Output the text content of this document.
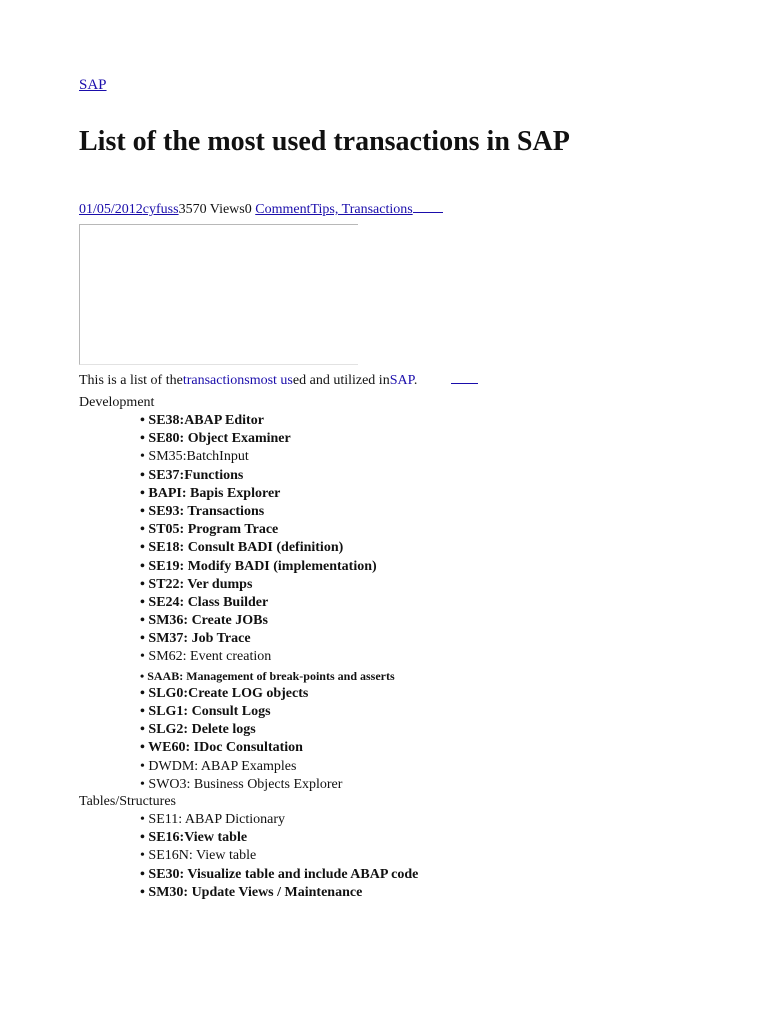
SAP
List of the most used transactions in SAP
01/05/2012cyfuss3570 Views0 CommentTips, Transactions
This is a list of thetransactionsmost used and utilized inSAP.
Development
• SE38:ABAP Editor
• SE80: Object Examiner
• SM35:BatchInput
• SE37:Functions
• BAPI: Bapis Explorer
• SE93: Transactions
• ST05: Program Trace
• SE18: Consult BADI (definition)
• SE19: Modify BADI (implementation)
• ST22: Ver dumps
• SE24: Class Builder
• SM36: Create JOBs
• SM37: Job Trace
• SM62: Event creation
• SAAB: Management of break-points and asserts
• SLG0:Create LOG objects
• SLG1: Consult Logs
• SLG2: Delete logs
• WE60: IDoc Consultation
• DWDM: ABAP Examples
• SWO3: Business Objects Explorer
Tables/Structures
• SE11: ABAP Dictionary
• SE16:View table
• SE16N: View table
• SE30: Visualize table and include ABAP code
• SM30: Update Views / Maintenance
